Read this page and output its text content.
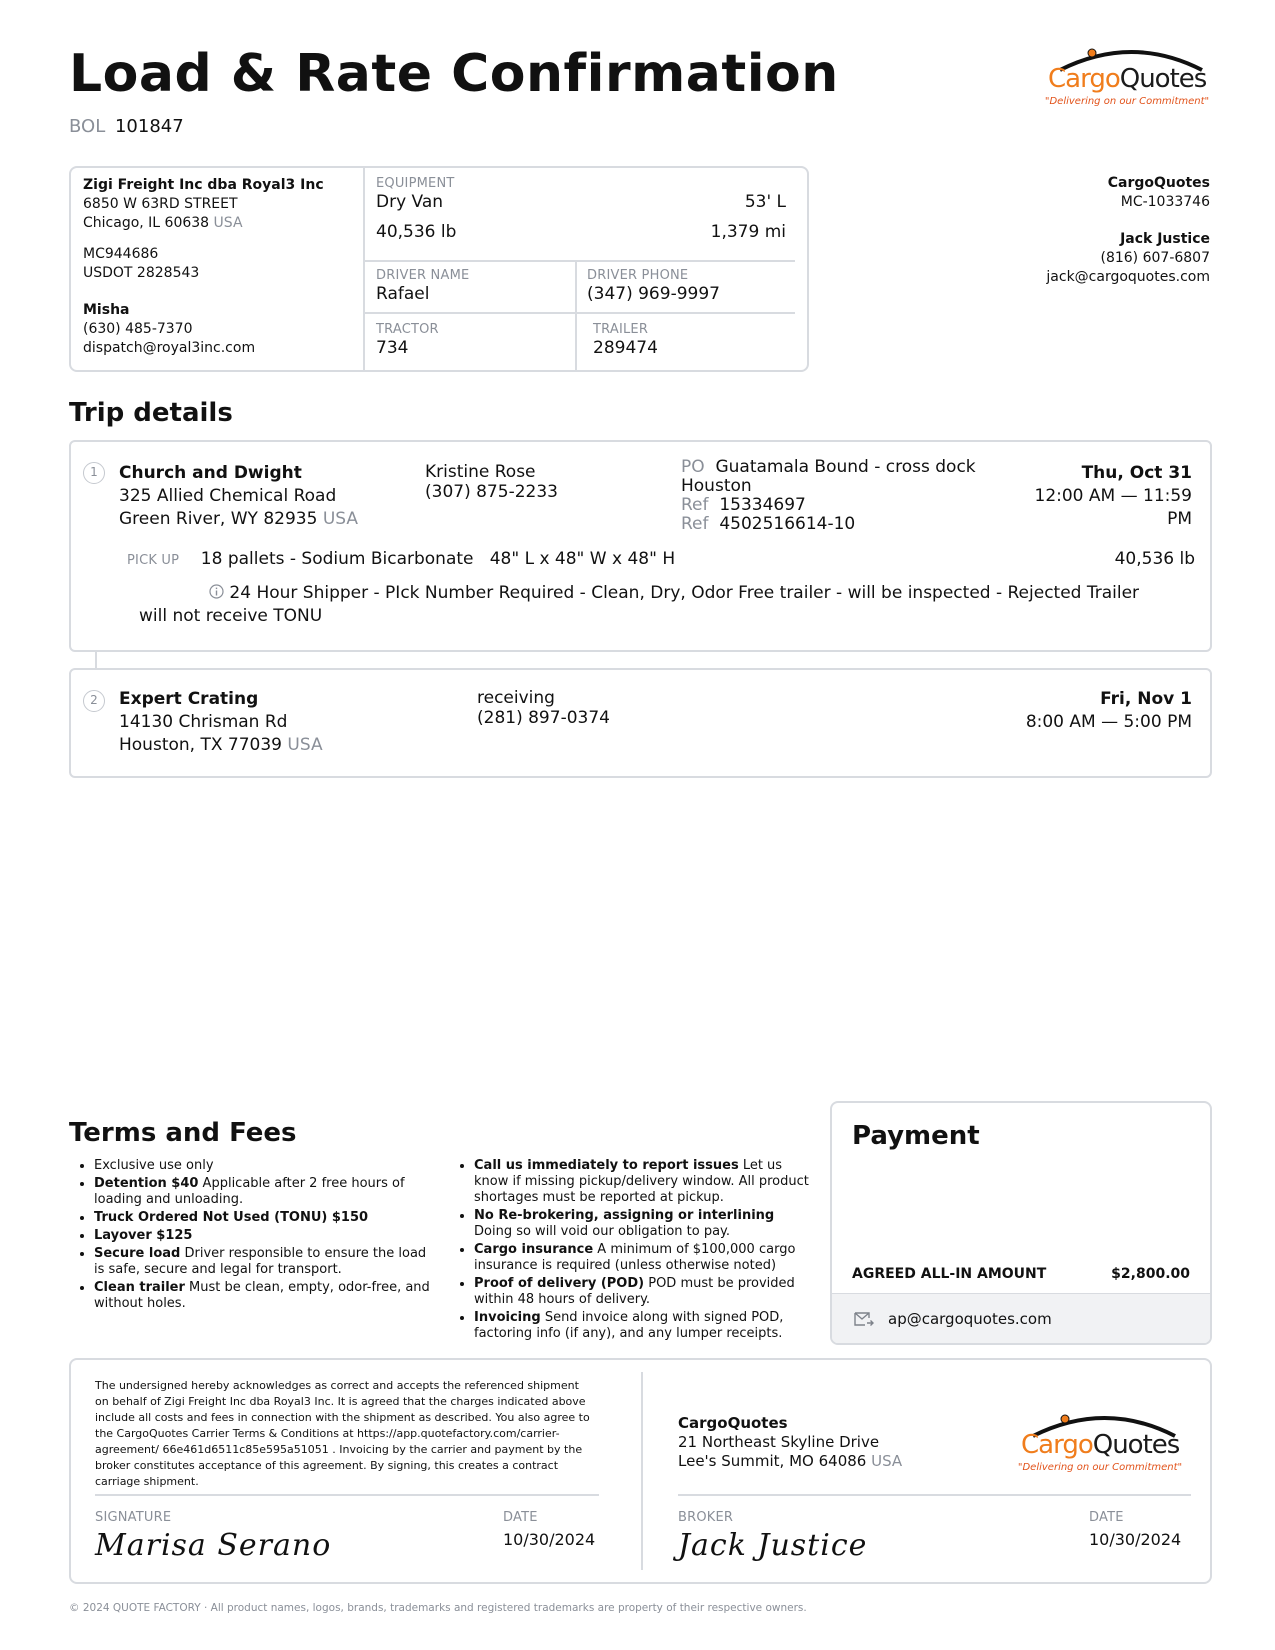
Load & Rate Confirmation
BOL 101847
CargoQuotes
"Delivering on our Commitment"
Zigi Freight Inc dba Royal3 Inc
6850 W 63RD STREET
Chicago, IL 60638 USA
MC944686
USDOT 2828543
Misha
(630) 485-7370
dispatch@royal3inc.com
EQUIPMENT
Dry Van	53' L
40,536 lb	1,379 mi
DRIVER NAME
Rafael
DRIVER PHONE
(347) 969-9997
TRACTOR
734
TRAILER
289474
CargoQuotes
MC-1033746
Jack Justice
(816) 607-6807
jack@cargoquotes.com
Trip details
1	Church and Dwight
325 Allied Chemical Road
Green River, WY 82935 USA
Kristine Rose
(307) 875-2233
PO Guatamala Bound - cross dock
Houston
Ref 15334697
Ref 4502516614-10
Thu, Oct 31
12:00 AM — 11:59
PM
PICK UP 18 pallets - Sodium Bicarbonate 48" L x 48" W x 48" H	40,536 lb
24 Hour Shipper - PIck Number Required - Clean, Dry, Odor Free trailer - will be inspected - Rejected Trailer
will not receive TONU
2	Expert Crating
14130 Chrisman Rd
Houston, TX 77039 USA
receiving
(281) 897-0374
Fri, Nov 1
8:00 AM — 5:00 PM
Terms and Fees
• Exclusive use only
• Detention $40 Applicable after 2 free hours of loading and unloading.
• Truck Ordered Not Used (TONU) $150
• Layover $125
• Secure load Driver responsible to ensure the load is safe, secure and legal for transport.
• Clean trailer Must be clean, empty, odor-free, and without holes.
• Call us immediately to report issues Let us know if missing pickup/delivery window. All product shortages must be reported at pickup.
• No Re-brokering, assigning or interlining Doing so will void our obligation to pay.
• Cargo insurance A minimum of $100,000 cargo insurance is required (unless otherwise noted)
• Proof of delivery (POD) POD must be provided within 48 hours of delivery.
• Invoicing Send invoice along with signed POD, factoring info (if any), and any lumper receipts.
Payment
AGREED ALL-IN AMOUNT	$2,800.00
ap@cargoquotes.com
The undersigned hereby acknowledges as correct and accepts the referenced shipment on behalf of Zigi Freight Inc dba Royal3 Inc. It is agreed that the charges indicated above include all costs and fees in connection with the shipment as described. You also agree to the CargoQuotes Carrier Terms & Conditions at https://app.quotefactory.com/carrier-agreement/ 66e461d6511c85e595a51051 . Invoicing by the carrier and payment by the broker constitutes acceptance of this agreement. By signing, this creates a contract carriage shipment.
SIGNATURE
Marisa Serano
DATE
10/30/2024
CargoQuotes
21 Northeast Skyline Drive
Lee's Summit, MO 64086 USA
CargoQuotes
"Delivering on our Commitment"
BROKER
Jack Justice
DATE
10/30/2024
© 2024 QUOTE FACTORY · All product names, logos, brands, trademarks and registered trademarks are property of their respective owners.
